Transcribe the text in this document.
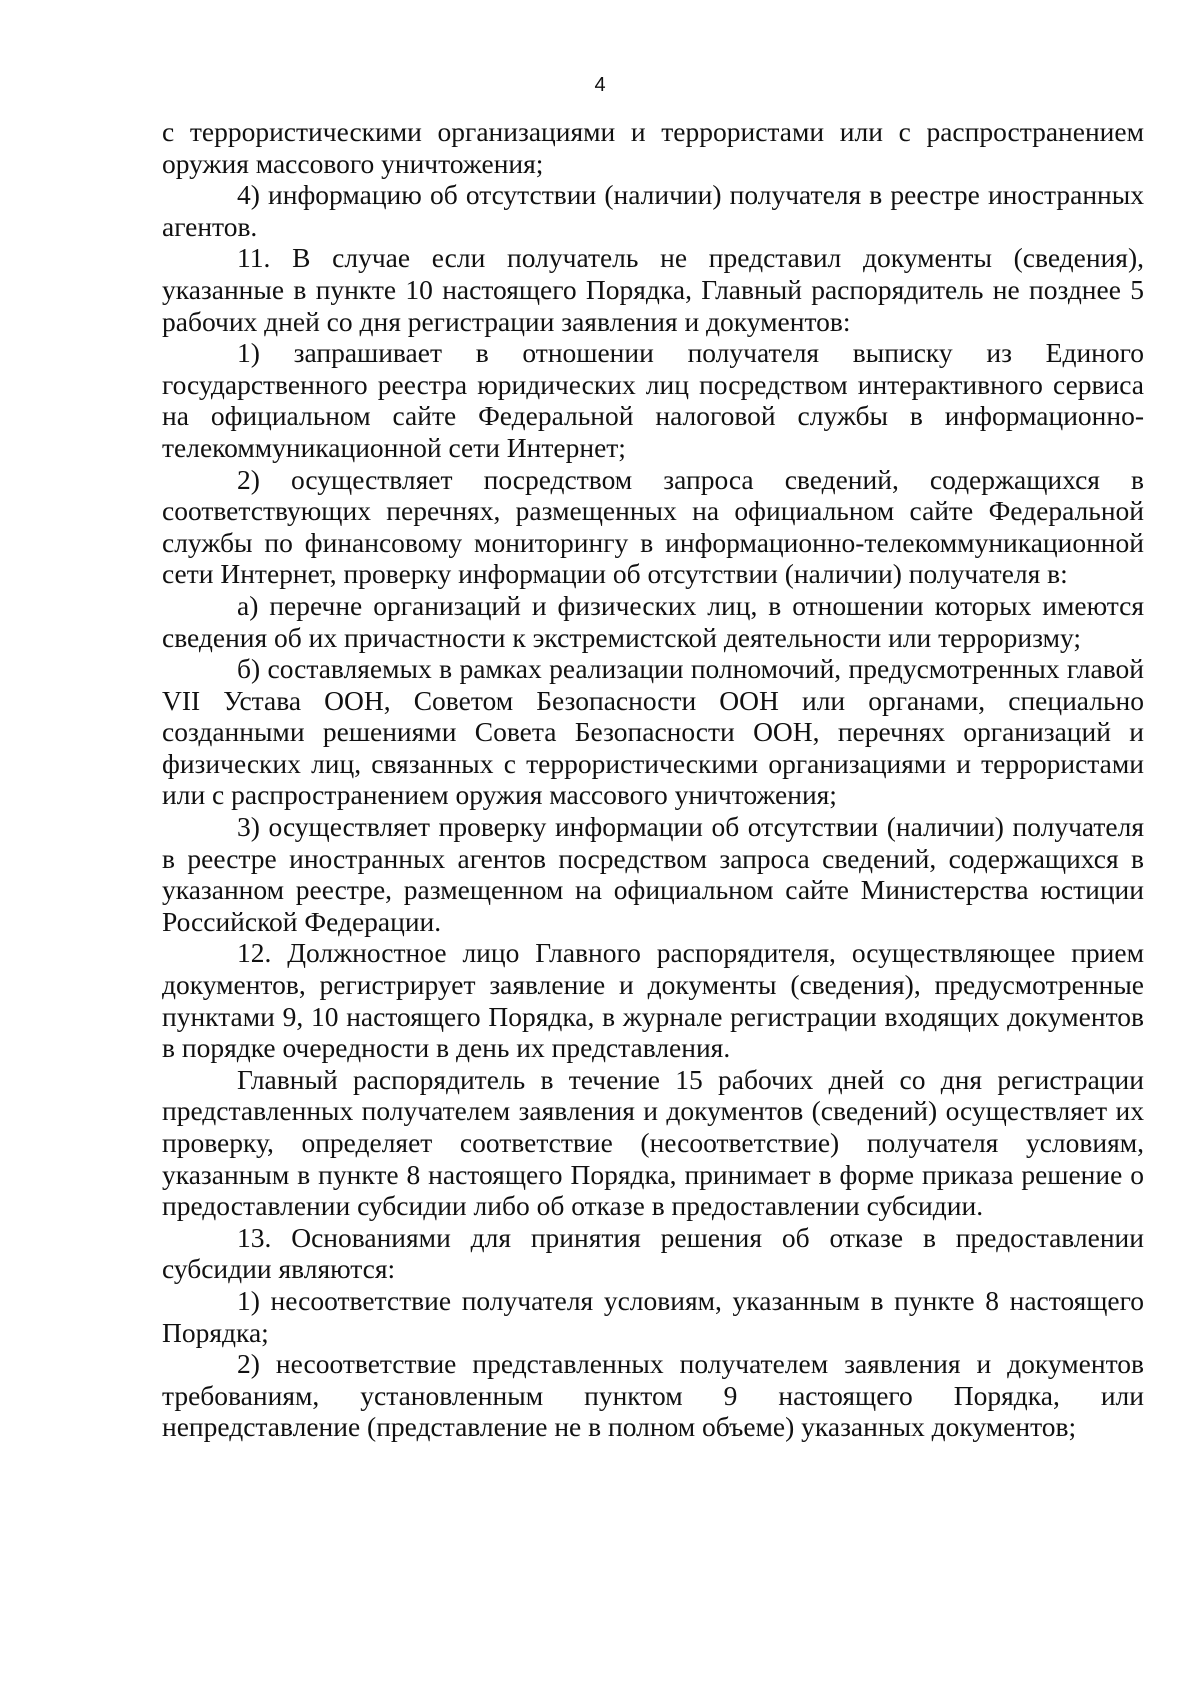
4

с террористическими организациями и террористами или с распространением оружия массового уничтожения;

4) информацию об отсутствии (наличии) получателя в реестре иностранных агентов.

11. В случае если получатель не представил документы (сведения), указанные в пункте 10 настоящего Порядка, Главный распорядитель не позднее 5 рабочих дней со дня регистрации заявления и документов:

1) запрашивает в отношении получателя выписку из Единого государственного реестра юридических лиц посредством интерактивного сервиса на официальном сайте Федеральной налоговой службы в информационно-телекоммуникационной сети Интернет;

2) осуществляет посредством запроса сведений, содержащихся в соответствующих перечнях, размещенных на официальном сайте Федеральной службы по финансовому мониторингу в информационно-телекоммуникационной сети Интернет, проверку информации об отсутствии (наличии) получателя в:

а) перечне организаций и физических лиц, в отношении которых имеются сведения об их причастности к экстремистской деятельности или терроризму;

б) составляемых в рамках реализации полномочий, предусмотренных главой VII Устава ООН, Советом Безопасности ООН или органами, специально созданными решениями Совета Безопасности ООН, перечнях организаций и физических лиц, связанных с террористическими организациями и террористами или с распространением оружия массового уничтожения;

3) осуществляет проверку информации об отсутствии (наличии) получателя в реестре иностранных агентов посредством запроса сведений, содержащихся в указанном реестре, размещенном на официальном сайте Министерства юстиции Российской Федерации.

12. Должностное лицо Главного распорядителя, осуществляющее прием документов, регистрирует заявление и документы (сведения), предусмотренные пунктами 9, 10 настоящего Порядка, в журнале регистрации входящих документов в порядке очередности в день их представления.

Главный распорядитель в течение 15 рабочих дней со дня регистрации представленных получателем заявления и документов (сведений) осуществляет их проверку, определяет соответствие (несоответствие) получателя условиям, указанным в пункте 8 настоящего Порядка, принимает в форме приказа решение о предоставлении субсидии либо об отказе в предоставлении субсидии.

13. Основаниями для принятия решения об отказе в предоставлении субсидии являются:

1) несоответствие получателя условиям, указанным в пункте 8 настоящего Порядка;

2) несоответствие представленных получателем заявления и документов требованиям, установленным пунктом 9 настоящего Порядка, или непредставление (представление не в полном объеме) указанных документов;
